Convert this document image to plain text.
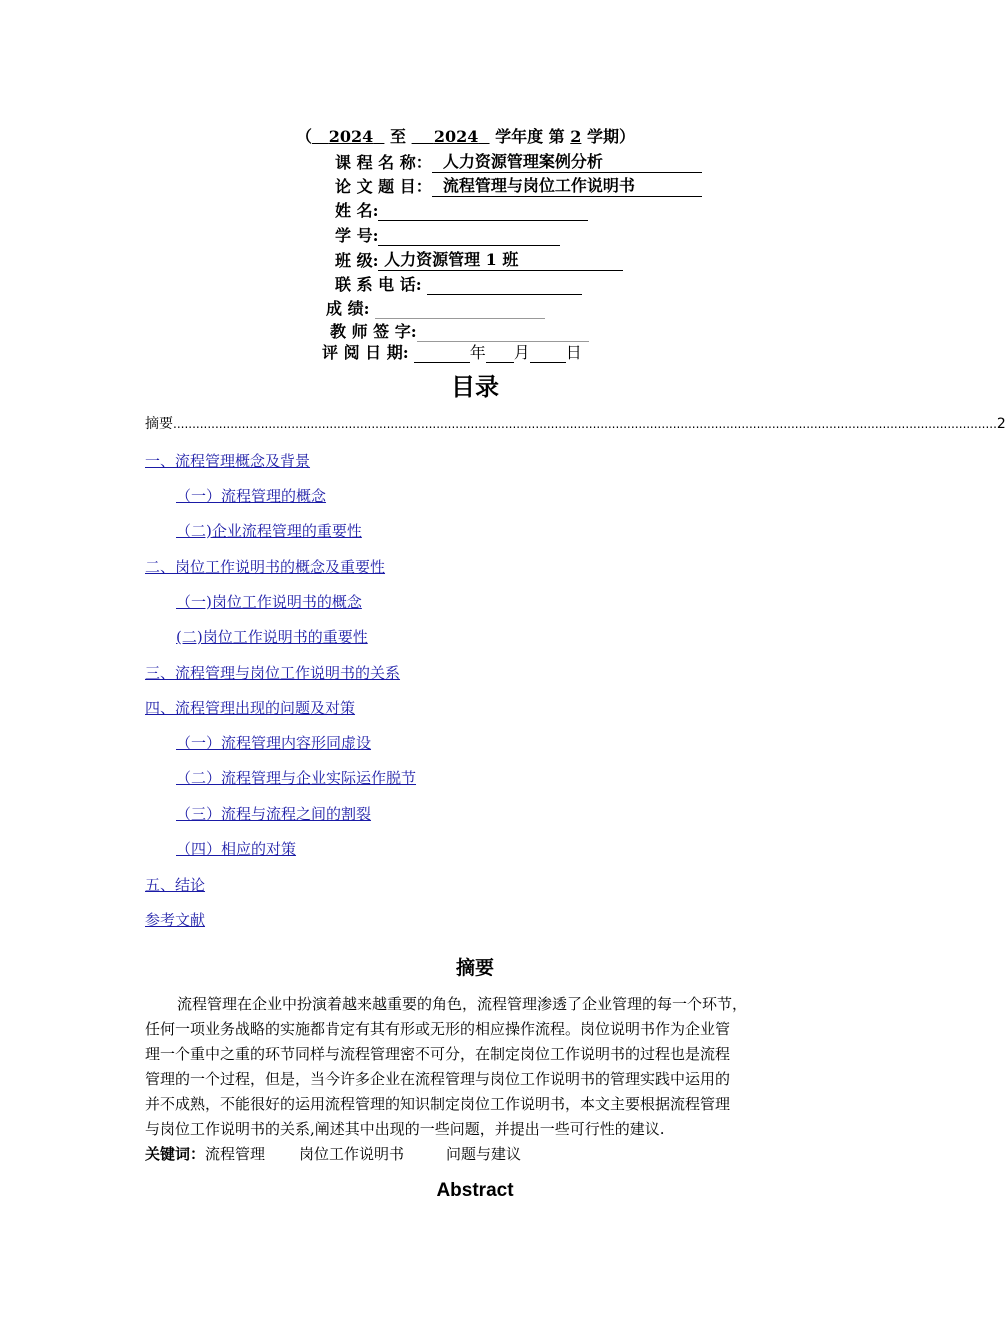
（ 2024 至 2024 学年度 第 2 学期）
课 程 名 称： 人力资源管理案例分析
论 文 题 目： 流程管理与岗位工作说明书
姓 名:
学 号:
班 级: 人力资源管理 1 班
联 系 电 话:
成 绩:
教 师 签 字:
评 阅 日 期:	年 月 日
目录
摘要 ........................................................................................................................................................................................................................ 2
一、流程管理概念及背景
（一）流程管理的概念
（二)企业流程管理的重要性
二、岗位工作说明书的概念及重要性
（一)岗位工作说明书的概念
(二)岗位工作说明书的重要性
三、流程管理与岗位工作说明书的关系
四、流程管理出现的问题及对策
（一）流程管理内容形同虚设
（二）流程管理与企业实际运作脱节
（三）流程与流程之间的割裂
（四）相应的对策
五、结论
参考文献
摘要
流程管理在企业中扮演着越来越重要的角色，流程管理渗透了企业管理的每一个环节，
任何一项业务战略的实施都肯定有其有形或无形的相应操作流程。岗位说明书作为企业管
理一个重中之重的环节同样与流程管理密不可分，在制定岗位工作说明书的过程也是流程
管理的一个过程，但是，当今许多企业在流程管理与岗位工作说明书的管理实践中运用的
并不成熟，不能很好的运用流程管理的知识制定岗位工作说明书，本文主要根据流程管理
与岗位工作说明书的关系,阐述其中出现的一些问题，并提出一些可行性的建议.
关键词：流程管理 岗位工作说明书	问题与建议
Abstract
